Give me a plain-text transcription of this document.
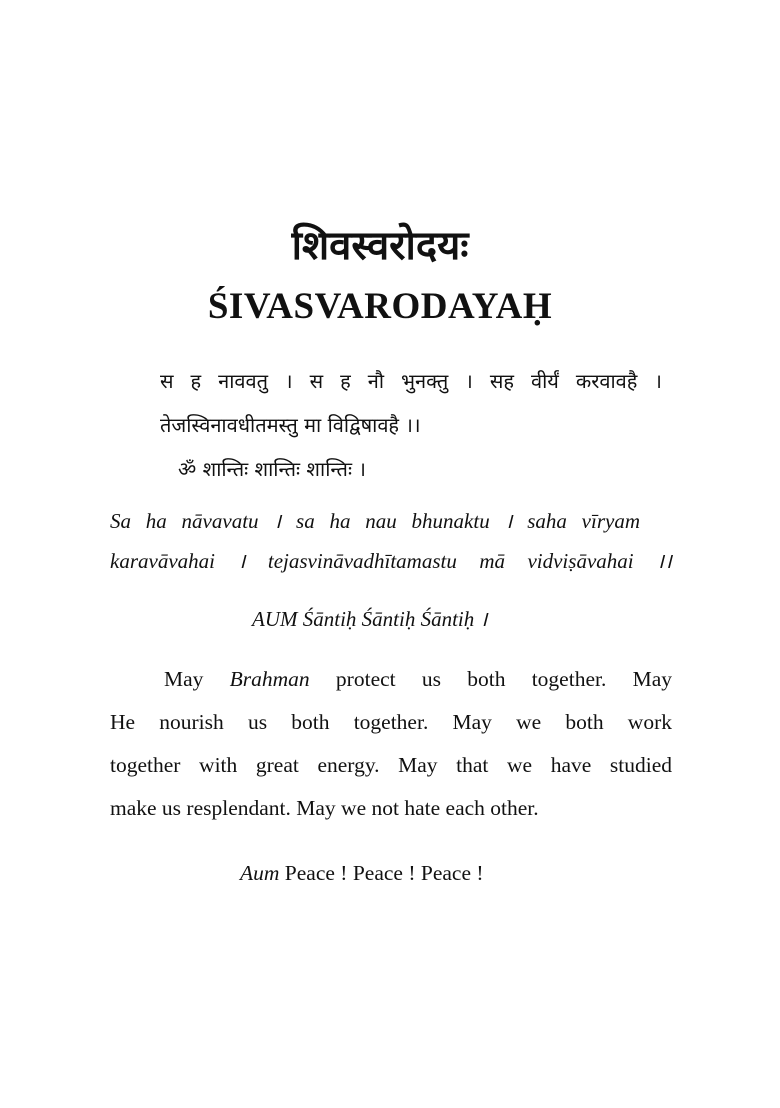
शिवस्वरोदयः
ŚIVASVARODAYAḤ
स ह नाववतु । स ह नौ भुनक्तु । सह वीर्यं करवावहै ।
तेजस्विनावधीतमस्तु मा विद्विषावहै ।।
ॐ शान्तिः शान्तिः शान्तिः ।
Sa ha nāvavatu । sa ha nau bhunaktu । saha vīryam
karavāvahai । tejasvināvadhītamastu mā vidviṣāvahai ।।
AUM Śāntiḥ Śāntiḥ Śāntiḥ ।
May Brahman protect us both together. May
He nourish us both together. May we both work
together with great energy. May that we have studied
make us resplendant. May we not hate each other.
Aum Peace ! Peace ! Peace !
